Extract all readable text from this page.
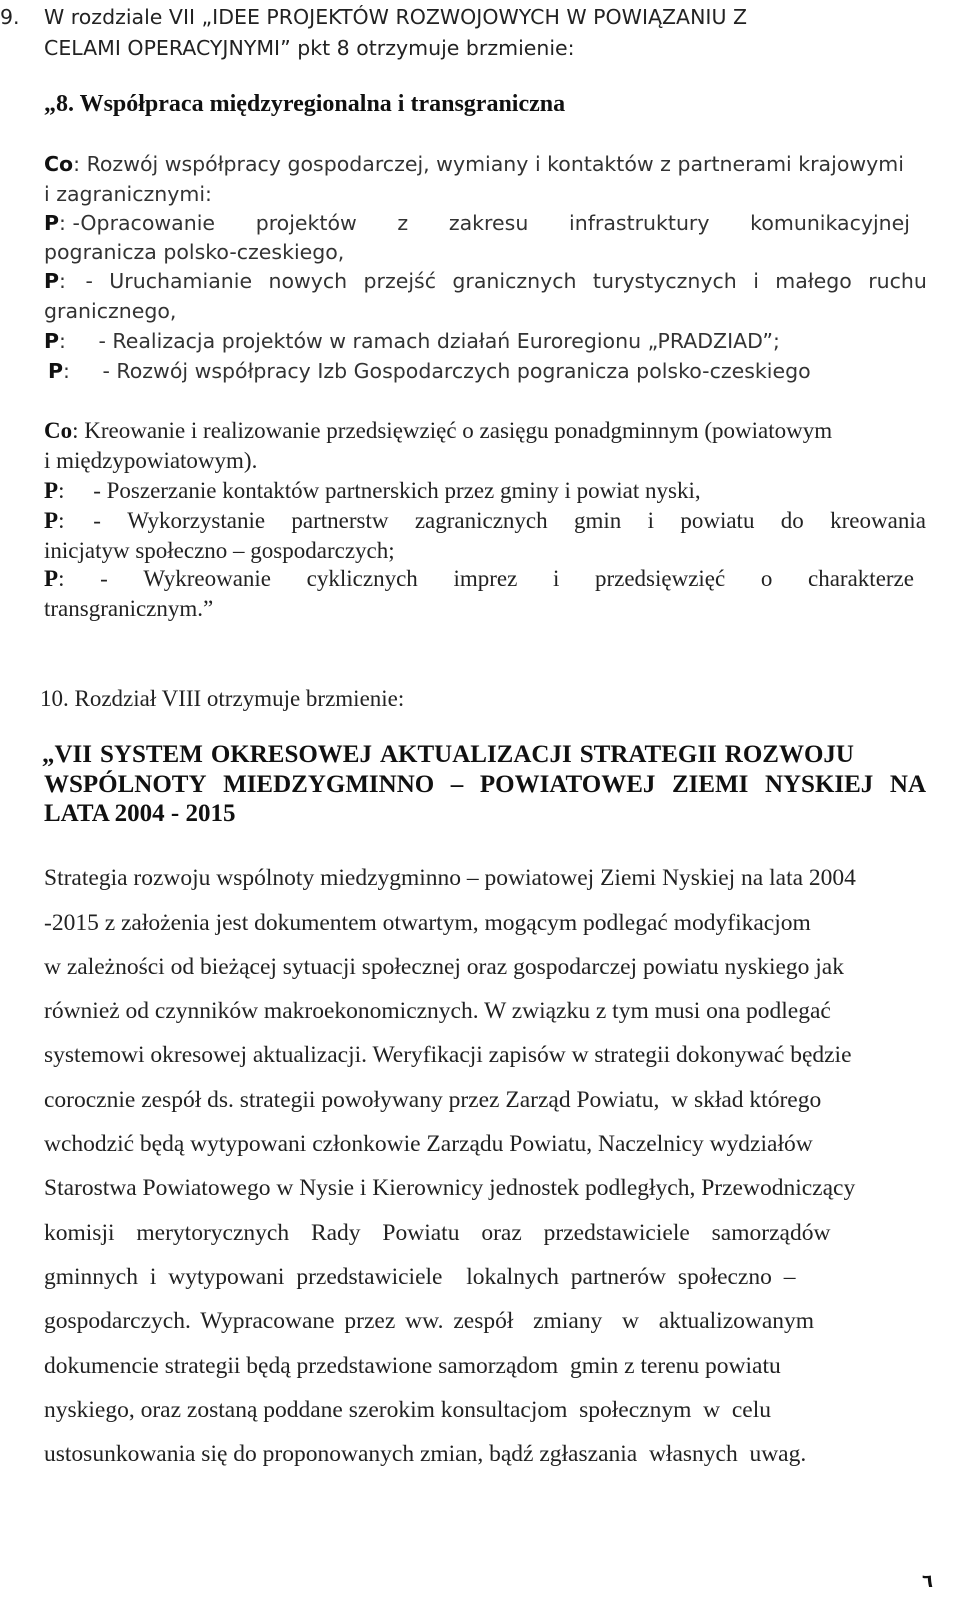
9. W rozdziale VII „IDEE PROJEKTÓW ROZWOJOWYCH W POWIĄZANIU Z
CELAMI OPERACYJNYMI” pkt 8 otrzymuje brzmienie:
„8. Współpraca międzyregionalna i transgraniczna
Co: Rozwój współpracy gospodarczej, wymiany i kontaktów z partnerami krajowymi
i zagranicznymi:
P: -Opracowanie projektów z zakresu infrastruktury komunikacyjnej
pogranicza polsko-czeskiego,
P:   - Uruchamianie nowych przejść granicznych turystycznych i małego ruchu
granicznego,
P:     - Realizacja projektów w ramach działań Euroregionu „PRADZIAD”;
P:     - Rozwój współpracy Izb Gospodarczych pogranicza polsko-czeskiego
Co: Kreowanie i realizowanie przedsięwzięć o zasięgu ponadgminnym (powiatowym
i międzypowiatowym).
P:     - Poszerzanie kontaktów partnerskich przez gminy i powiat nyski,
P:     - Wykorzystanie partnerstw zagranicznych gmin i powiatu do kreowania
inicjatyw społeczno – gospodarczych;
P: - Wykreowanie cyklicznych imprez i przedsięwzięć o charakterze
transgranicznym.”
10. Rozdział VIII otrzymuje brzmienie:
„VII SYSTEM OKRESOWEJ AKTUALIZACJI STRATEGII ROZWOJU
WSPÓLNOTY MIEDZYGMINNO – POWIATOWEJ ZIEMI NYSKIEJ NA
LATA 2004 - 2015
Strategia rozwoju wspólnoty miedzygminno – powiatowej Ziemi Nyskiej na lata 2004
-2015 z założenia jest dokumentem otwartym, mogącym podlegać modyfikacjom
w zależności od bieżącej sytuacji społecznej oraz gospodarczej powiatu nyskiego jak
również od czynników makroekonomicznych. W związku z tym musi ona podlegać
systemowi okresowej aktualizacji. Weryfikacji zapisów w strategii dokonywać będzie
corocznie zespół ds. strategii powoływany przez Zarząd Powiatu,  w skład którego
wchodzić będą wytypowani członkowie Zarządu Powiatu, Naczelnicy wydziałów
Starostwa Powiatowego w Nysie i Kierownicy jednostek podległych, Przewodniczący
komisji merytorycznych Rady Powiatu oraz przedstawiciele samorządów
gminnych i wytypowani przedstawiciele  lokalnych partnerów społeczno –
gospodarczych. Wypracowane przez ww. zespół  zmiany  w  aktualizowanym
dokumencie strategii będą przedstawione samorządom  gmin z terenu powiatu
nyskiego, oraz zostaną poddane szerokim konsultacjom  społecznym  w  celu
ustosunkowania się do proponowanych zmian, bądź zgłaszania  własnych  uwag.
٦
